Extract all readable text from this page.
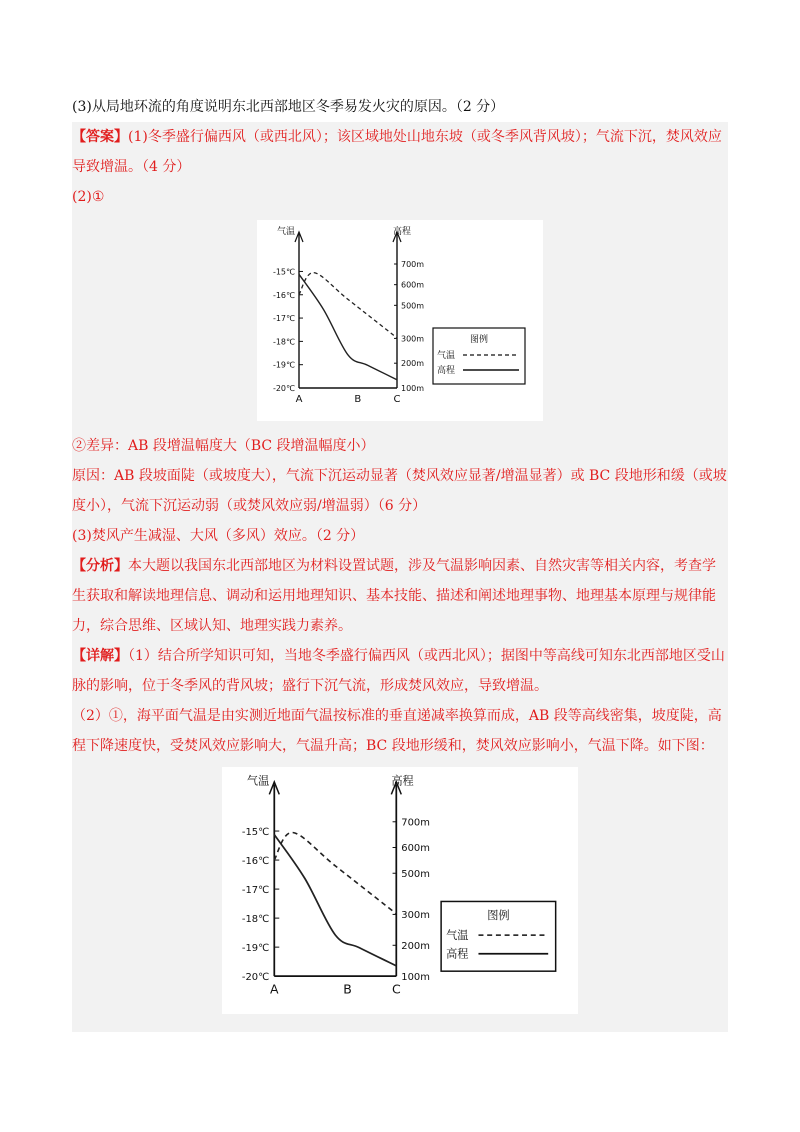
(3)从局地环流的角度说明东北西部地区冬季易发火灾的原因。（2 分）

【答案】(1)冬季盛行偏西风（或西北风）；该区域地处山地东坡（或冬季风背风坡）；气流下沉，焚风效应导致增温。（4 分）

(2)①

气温	高程
-15℃
-16℃
-17℃
-18℃
-19℃
-20℃
700m
600m
500m
300m
200m
100m
A	B	C
图例
气温
高程

②差异：AB 段增温幅度大（BC 段增温幅度小）

原因：AB 段坡面陡（或坡度大），气流下沉运动显著（焚风效应显著/增温显著）或 BC 段地形和缓（或坡度小），气流下沉运动弱（或焚风效应弱/增温弱）（6 分）

(3)焚风产生减湿、大风（多风）效应。（2 分）

【分析】本大题以我国东北西部地区为材料设置试题，涉及气温影响因素、自然灾害等相关内容，考查学生获取和解读地理信息、调动和运用地理知识、基本技能、描述和阐述地理事物、地理基本原理与规律能力，综合思维、区域认知、地理实践力素养。

【详解】（1）结合所学知识可知，当地冬季盛行偏西风（或西北风）；据图中等高线可知东北西部地区受山脉的影响，位于冬季风的背风坡；盛行下沉气流，形成焚风效应，导致增温。

（2）①，海平面气温是由实测近地面气温按标准的垂直递减率换算而成，AB 段等高线密集，坡度陡，高程下降速度快，受焚风效应影响大，气温升高；BC 段地形缓和，焚风效应影响小，气温下降。如下图：

气温	高程
-15℃
-16℃
-17℃
-18℃
-19℃
-20℃
700m
600m
500m
300m
200m
100m
A	B	C
图例
气温
高程
